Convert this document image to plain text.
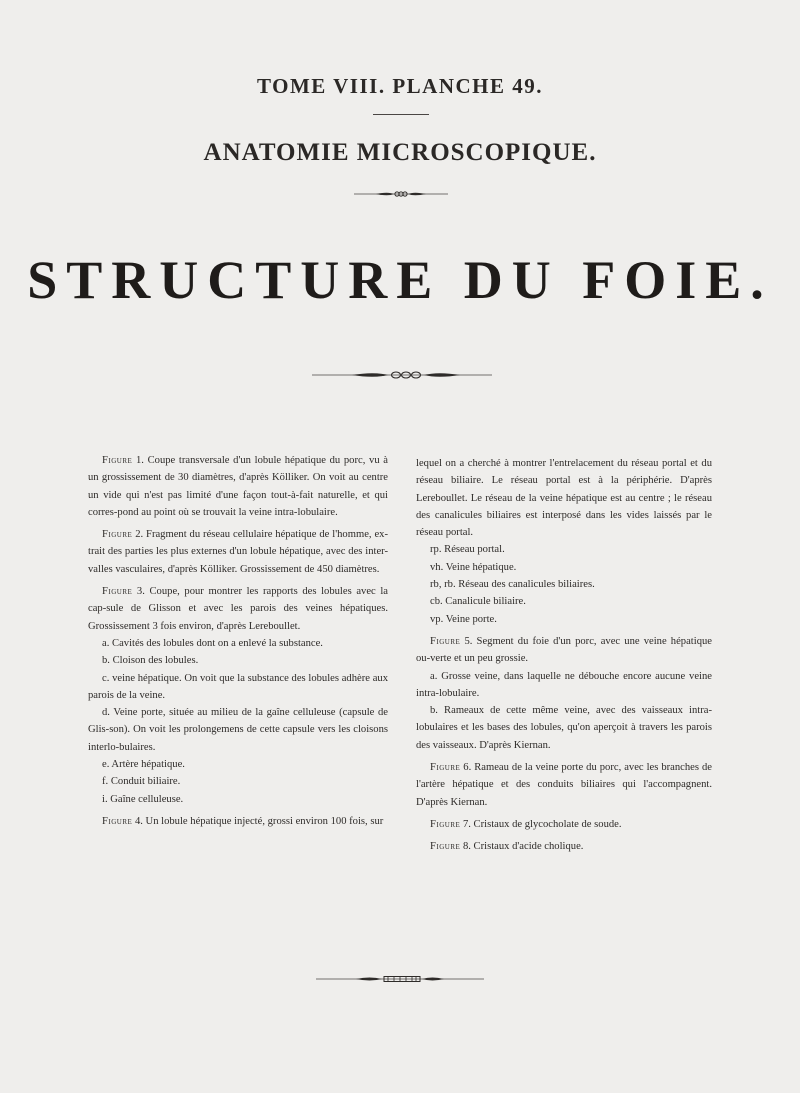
TOME VIII. PLANCHE 49.
ANATOMIE MICROSCOPIQUE.
STRUCTURE DU FOIE.

Figure 1. Coupe transversale d'un lobule hépatique du porc, vu à un grossissement de 30 diamètres, d'après Kölliker. On voit au centre un vide qui n'est pas limité d'une façon tout-à-fait naturelle, et qui corres-pond au point où se trouvait la veine intra-lobulaire.

Figure 2. Fragment du réseau cellulaire hépatique de l'homme, ex-trait des parties les plus externes d'un lobule hépatique, avec des inter-valles vasculaires, d'après Kölliker. Grossissement de 450 diamètres.

Figure 3. Coupe, pour montrer les rapports des lobules avec la cap-sule de Glisson et avec les parois des veines hépatiques. Grossissement 3 fois environ, d'après Lereboullet.

a. Cavités des lobules dont on a enlevé la substance.

b. Cloison des lobules.

c. veine hépatique. On voit que la substance des lobules adhère aux parois de la veine.

d. Veine porte, située au milieu de la gaîne celluleuse (capsule de Glis-son). On voit les prolongemens de cette capsule vers les cloisons interlo-bulaires.

e. Artère hépatique.

f. Conduit biliaire.

i. Gaîne celluleuse.

Figure 4. Un lobule hépatique injecté, grossi environ 100 fois, sur

lequel on a cherché à montrer l'entrelacement du réseau portal et du réseau biliaire. Le réseau portal est à la périphérie. D'après Lereboullet. Le réseau de la veine hépatique est au centre ; le réseau des canalicules biliaires est interposé dans les vides laissés par le réseau portal.

rp. Réseau portal.

vh. Veine hépatique.

rb, rb. Réseau des canalicules biliaires.

cb. Canalicule biliaire.

vp. Veine porte.

Figure 5. Segment du foie d'un porc, avec une veine hépatique ou-verte et un peu grossie.

a. Grosse veine, dans laquelle ne débouche encore aucune veine intra-lobulaire.

b. Rameaux de cette même veine, avec des vaisseaux intra-lobulaires et les bases des lobules, qu'on aperçoit à travers les parois des vaisseaux. D'après Kiernan.

Figure 6. Rameau de la veine porte du porc, avec les branches de l'artère hépatique et des conduits biliaires qui l'accompagnent. D'après Kiernan.

Figure 7. Cristaux de glycocholate de soude.

Figure 8. Cristaux d'acide cholique.
